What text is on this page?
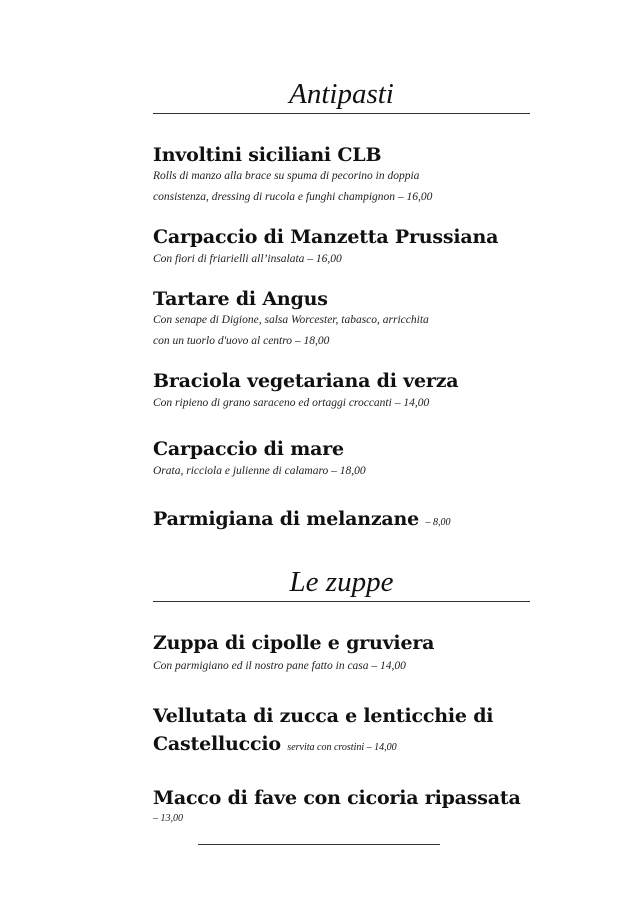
Antipasti
Involtini siciliani CLB
Rolls di manzo alla brace su spuma di pecorino in doppia
consistenza, dressing di rucola e funghi champignon – 16,00
Carpaccio di Manzetta Prussiana
Con fiori di friarielli all’insalata – 16,00
Tartare di Angus
Con senape di Digione, salsa Worcester, tabasco, arricchita
con un tuorlo d'uovo al centro – 18,00
Braciola vegetariana di verza
Con ripieno di grano saraceno ed ortaggi croccanti – 14,00
Carpaccio di mare
Orata, ricciola e julienne di calamaro – 18,00
Parmigiana di melanzane – 8,00
Le zuppe
Zuppa di cipolle e gruviera
Con parmigiano ed il nostro pane fatto in casa – 14,00
Vellutata di zucca e lenticchie di
Castelluccio servita con crostini – 14,00
Macco di fave con cicoria ripassata
– 13,00
